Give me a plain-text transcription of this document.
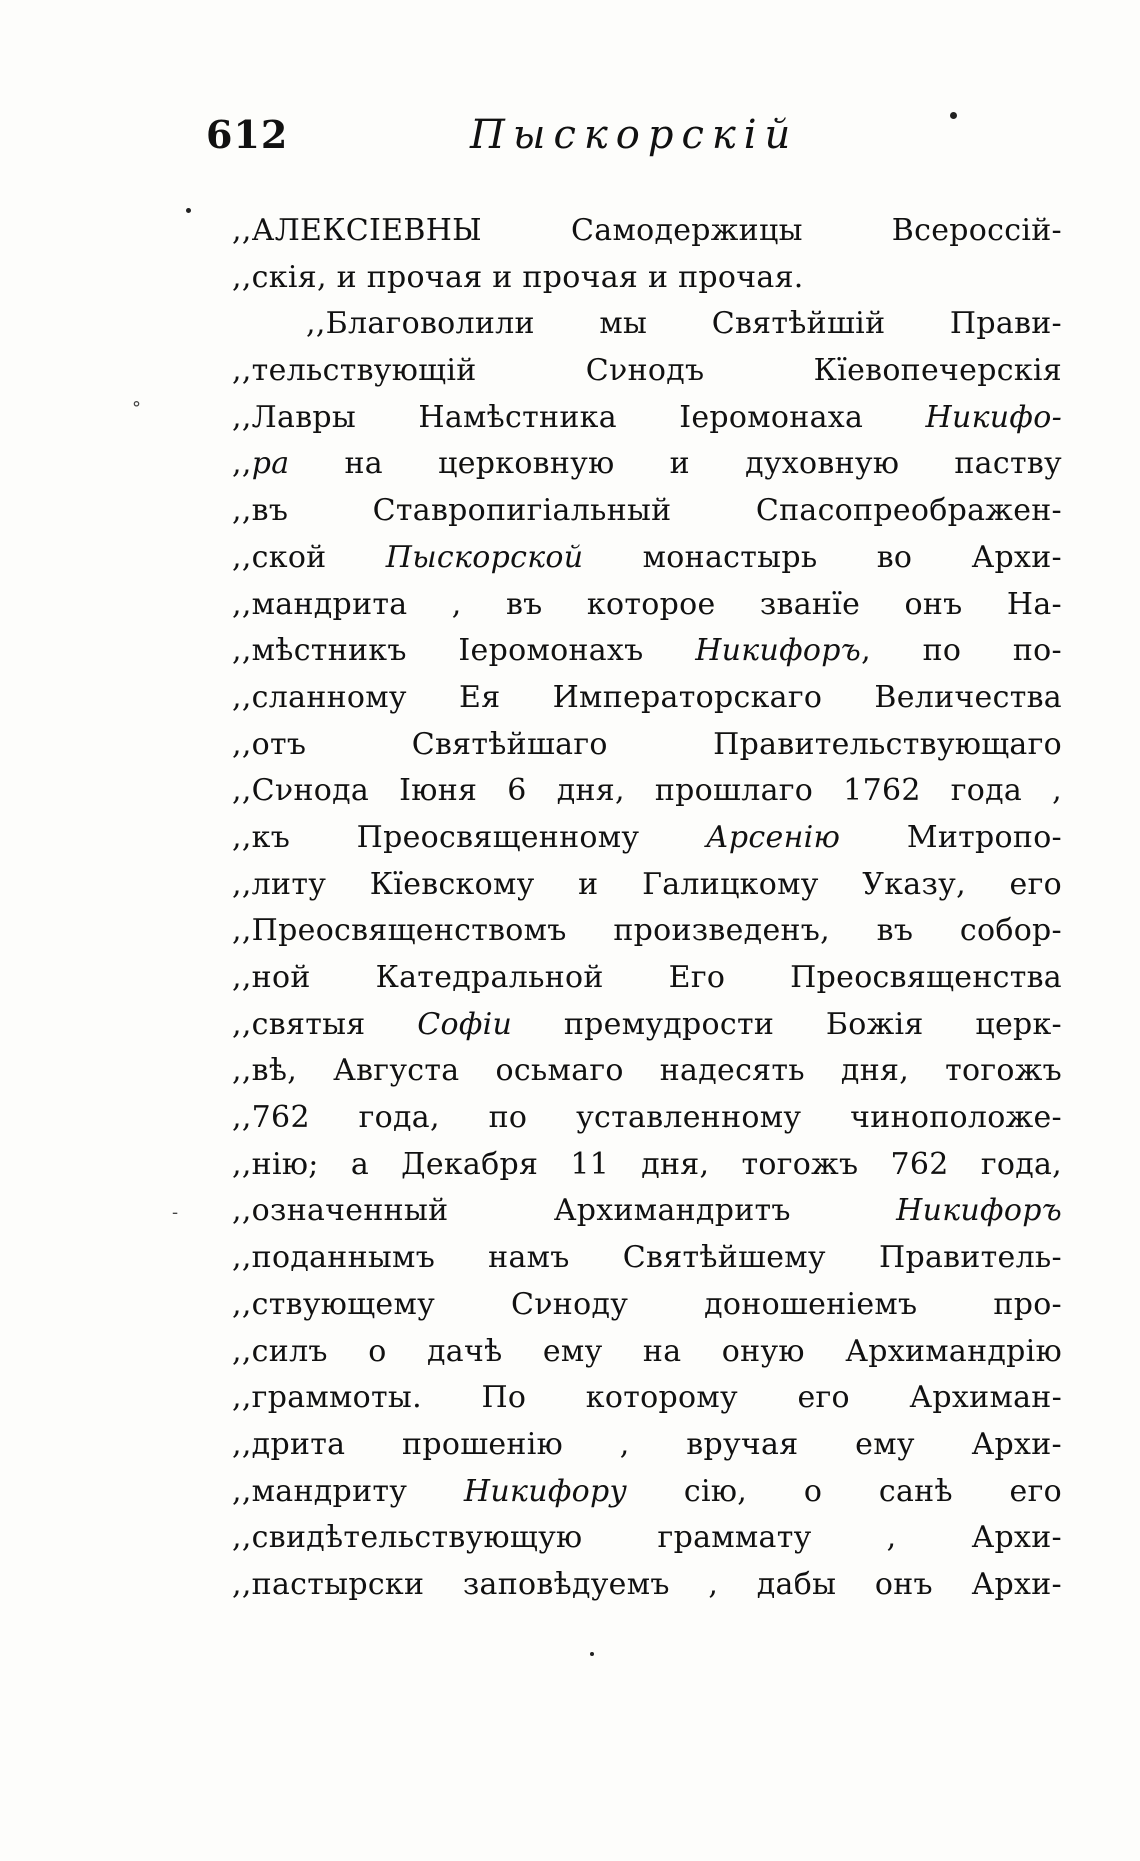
612	Пыскорскій
°
-
,,АЛЕКСІЕВНЫ Самодержицы Всероссій-
,,скія, и прочая и прочая и прочая.
,,Благоволили мы Святѣйшій Прави-
,,тельствующій Сνнодъ Кїевопечерскія
,,Лавры Намѣстника Іеромонаха Никифо-
,,ра на церковную и духовную паству
,,въ Ставропигіальный Спасопреображен-
,,ской Пыскорской монастырь во Архи-
,,мандрита , въ которое званїе онъ На-
,,мѣстникъ Іеромонахъ Никифоръ, по по-
,,сланному Ея Императорскаго Величества
,,отъ Святѣйшаго Правительствующаго
,,Сνнода Іюня 6 дня, прошлаго 1762 года ,
,,къ Преосвященному Арсенію Митропо-
,,литу Кїевскому и Галицкому Указу, его
,,Преосвященствомъ произведенъ, въ собор-
,,ной Катедральной Его Преосвященства
,,святыя Софіи премудрости Божія церк-
,,вѣ, Августа осьмаго надесять дня, тогожъ
,,762 года, по уставленному чиноположе-
,,нію; а Декабря 11 дня, тогожъ 762 года,
,,означенный Архимандритъ Никифоръ
,,поданнымъ намъ Святѣйшему Правитель-
,,ствующему Сνноду доношеніемъ про-
,,силъ о дачѣ ему на оную Архимандрію
,,граммоты. По которому его Архиман-
,,дрита прошенію , вручая ему Архи-
,,мандриту Никифору сію, о санѣ его
,,свидѣтельствующую граммату , Архи-
,,пастырски заповѣдуемъ , дабы онъ Архи-
